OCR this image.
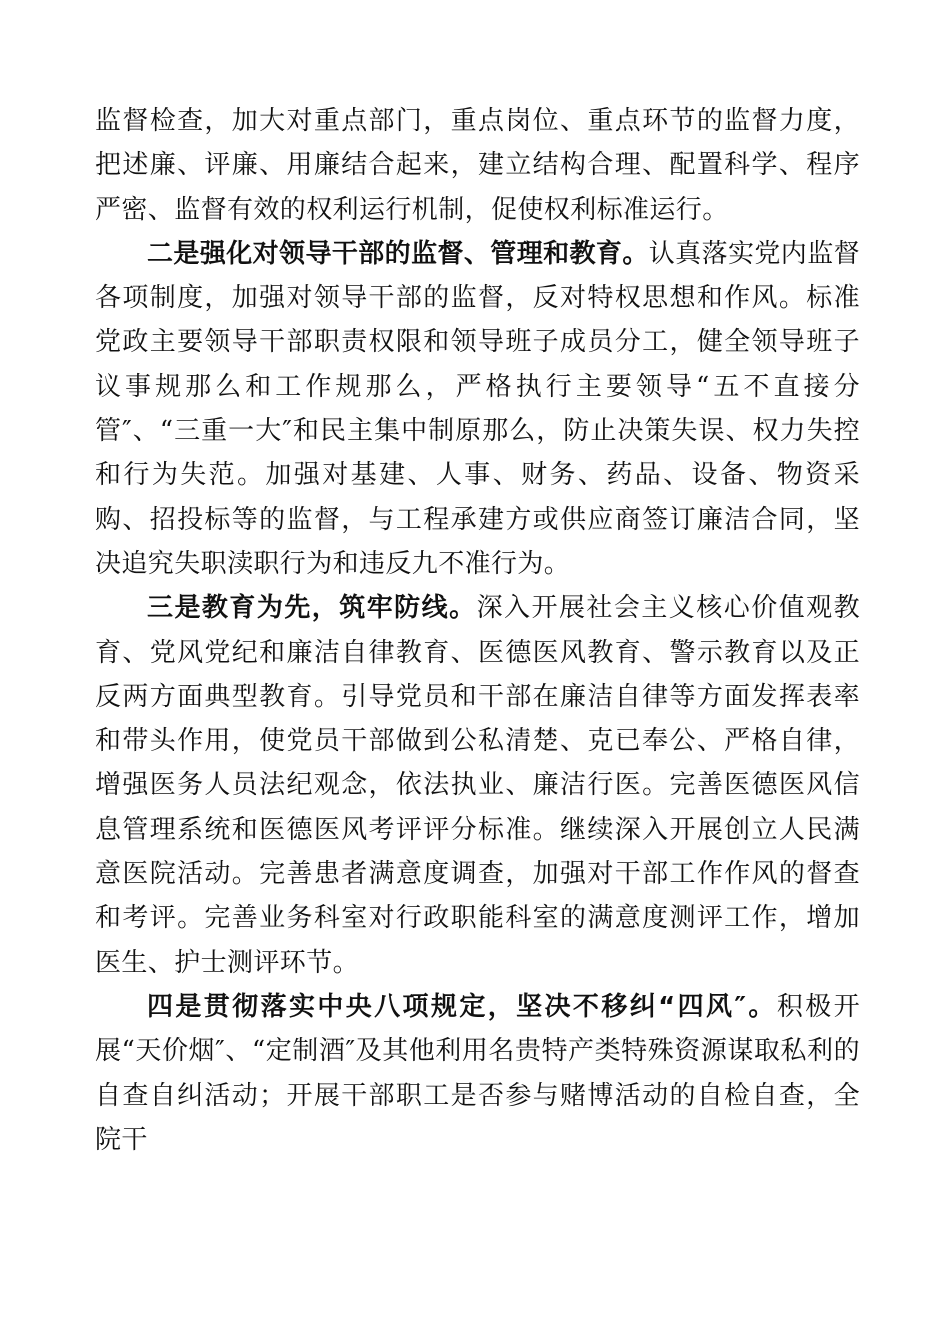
监督检查，加大对重点部门，重点岗位、重点环节的监督力度，把述廉、评廉、用廉结合起来，建立结构合理、配置科学、程序严密、监督有效的权利运行机制，促使权利标准运行。

二是强化对领导干部的监督、管理和教育。认真落实党内监督各项制度，加强对领导干部的监督，反对特权思想和作风。标准党政主要领导干部职责权限和领导班子成员分工，健全领导班子议事规那么和工作规那么，严格执行主要领导“五不直接分管″、“三重一大″和民主集中制原那么，防止决策失误、权力失控和行为失范。加强对基建、人事、财务、药品、设备、物资采购、招投标等的监督，与工程承建方或供应商签订廉洁合同，坚决追究失职渎职行为和违反九不准行为。

三是教育为先，筑牢防线。深入开展社会主义核心价值观教育、党风党纪和廉洁自律教育、医德医风教育、警示教育以及正反两方面典型教育。引导党员和干部在廉洁自律等方面发挥表率和带头作用，使党员干部做到公私清楚、克已奉公、严格自律，增强医务人员法纪观念，依法执业、廉洁行医。完善医德医风信息管理系统和医德医风考评评分标准。继续深入开展创立人民满意医院活动。完善患者满意度调查，加强对干部工作作风的督查和考评。完善业务科室对行政职能科室的满意度测评工作，增加医生、护士测评环节。

四是贯彻落实中央八项规定，坚决不移纠“四风″。积极开展“天价烟″、“定制酒″及其他利用名贵特产类特殊资源谋取私利的自查自纠活动；开展干部职工是否参与赌博活动的自检自查，全院干
